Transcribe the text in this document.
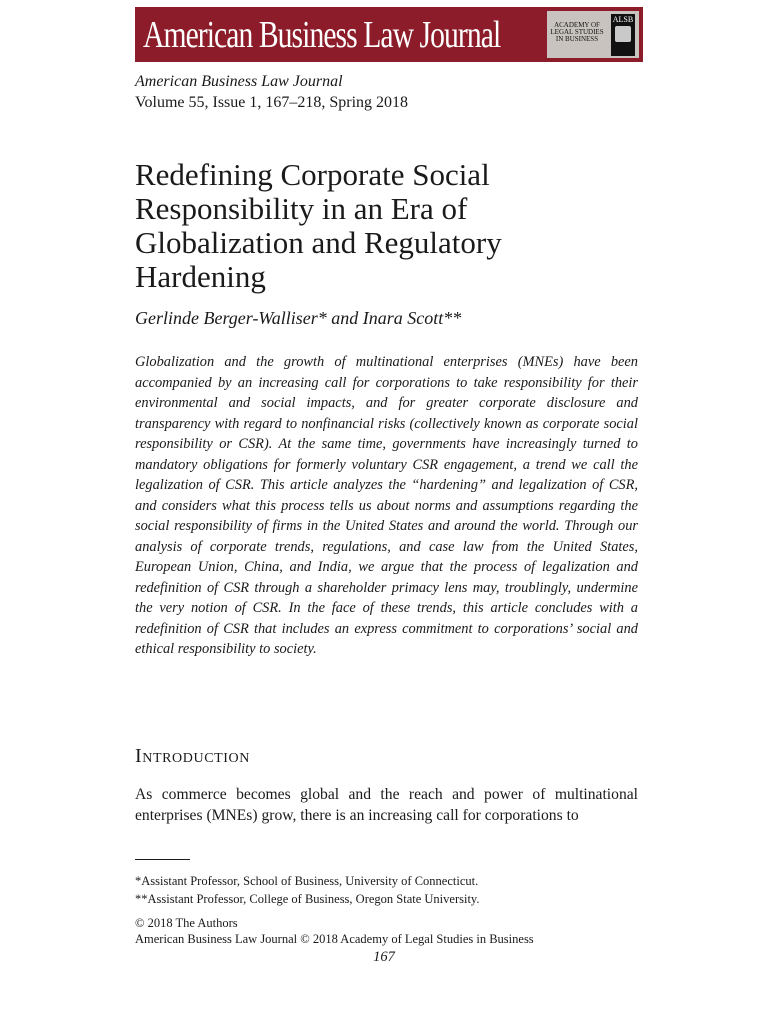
American Business Law Journal	ACADEMY OF
LEGAL STUDIES
IN BUSINESS
ALSB
American Business Law Journal
Volume 55, Issue 1, 167–218, Spring 2018
Redefining Corporate Social Responsibility in an Era of Globalization and Regulatory Hardening
Gerlinde Berger-Walliser* and Inara Scott**

Globalization and the growth of multinational enterprises (MNEs) have been accompanied by an increasing call for corporations to take responsibility for their environmental and social impacts, and for greater corporate disclosure and transparency with regard to nonfinancial risks (collectively known as corporate social responsibility or CSR). At the same time, governments have increasingly turned to mandatory obligations for formerly voluntary CSR engagement, a trend we call the legalization of CSR. This article analyzes the “hardening” and legalization of CSR, and considers what this process tells us about norms and assumptions regarding the social responsibility of firms in the United States and around the world. Through our analysis of corporate trends, regulations, and case law from the United States, European Union, China, and India, we argue that the process of legalization and redefinition of CSR through a shareholder primacy lens may, troublingly, undermine the very notion of CSR. In the face of these trends, this article concludes with a redefinition of CSR that includes an express commitment to corporations’ social and ethical responsibility to society.

Introduction

As commerce becomes global and the reach and power of multinational enterprises (MNEs) grow, there is an increasing call for corporations to

*Assistant Professor, School of Business, University of Connecticut.
**Assistant Professor, College of Business, Oregon State University.
© 2018 The Authors
American Business Law Journal © 2018 Academy of Legal Studies in Business
167
